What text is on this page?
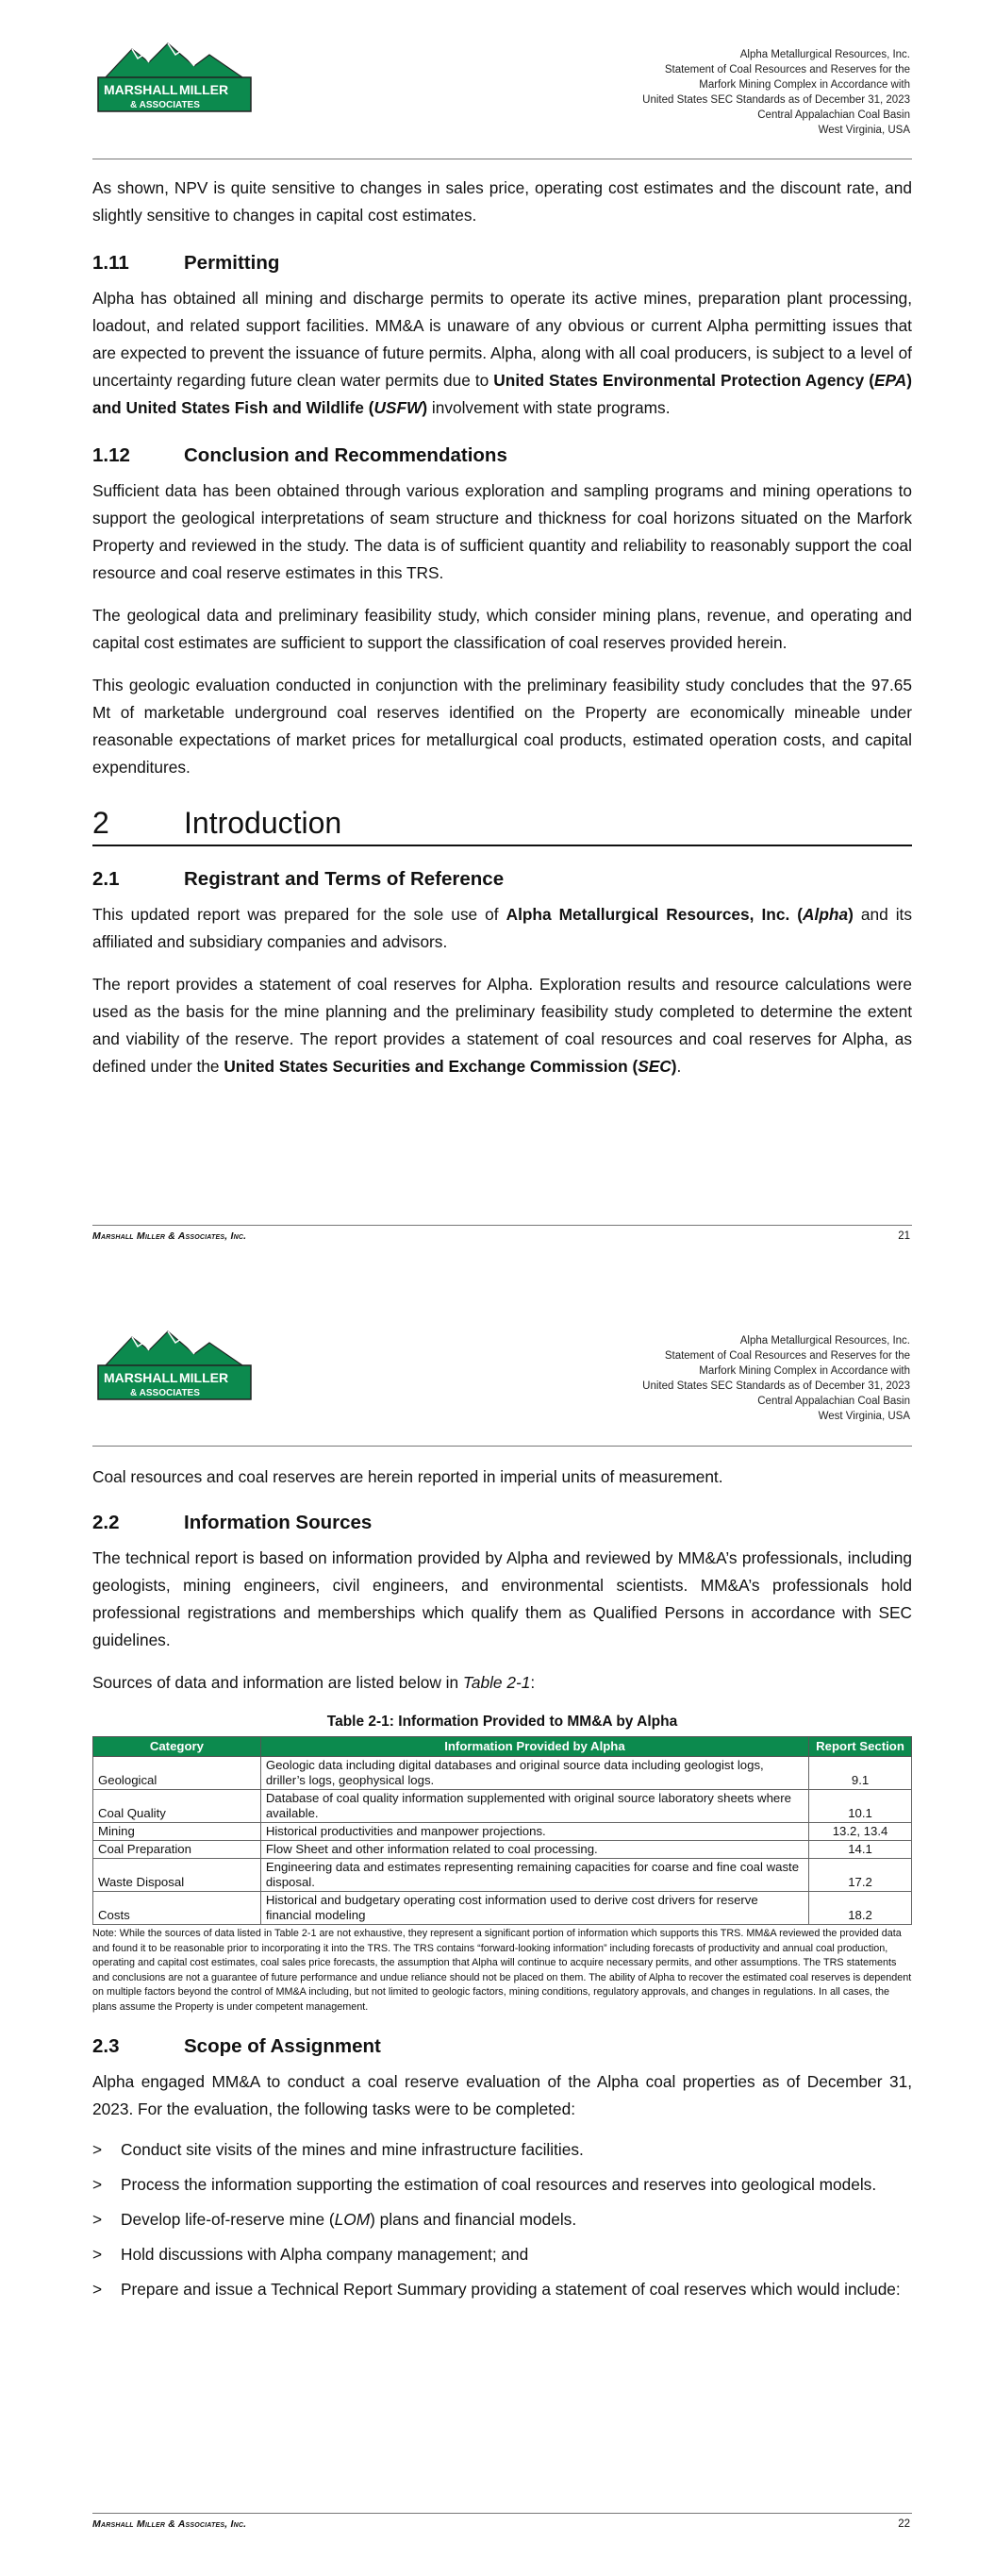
MARSHALL MILLER
& ASSOCIATES
Alpha Metallurgical Resources, Inc.
Statement of Coal Resources and Reserves for the
Marfork Mining Complex in Accordance with
United States SEC Standards as of December 31, 2023
Central Appalachian Coal Basin
West Virginia, USA

As shown, NPV is quite sensitive to changes in sales price, operating cost estimates and the discount rate, and slightly sensitive to changes in capital cost estimates.

1.11	Permitting

Alpha has obtained all mining and discharge permits to operate its active mines, preparation plant processing, loadout, and related support facilities. MM&A is unaware of any obvious or current Alpha permitting issues that are expected to prevent the issuance of future permits. Alpha, along with all coal producers, is subject to a level of uncertainty regarding future clean water permits due to United States Environmental Protection Agency (EPA) and United States Fish and Wildlife (USFW) involvement with state programs.

1.12	Conclusion and Recommendations

Sufficient data has been obtained through various exploration and sampling programs and mining operations to support the geological interpretations of seam structure and thickness for coal horizons situated on the Marfork Property and reviewed in the study. The data is of sufficient quantity and reliability to reasonably support the coal resource and coal reserve estimates in this TRS.

The geological data and preliminary feasibility study, which consider mining plans, revenue, and operating and capital cost estimates are sufficient to support the classification of coal reserves provided herein.

This geologic evaluation conducted in conjunction with the preliminary feasibility study concludes that the 97.65 Mt of marketable underground coal reserves identified on the Property are economically mineable under reasonable expectations of market prices for metallurgical coal products, estimated operation costs, and capital expenditures.

2 Introduction
2.1	Registrant and Terms of Reference

This updated report was prepared for the sole use of Alpha Metallurgical Resources, Inc. (Alpha) and its affiliated and subsidiary companies and advisors.

The report provides a statement of coal reserves for Alpha. Exploration results and resource calculations were used as the basis for the mine planning and the preliminary feasibility study completed to determine the extent and viability of the reserve. The report provides a statement of coal resources and coal reserves for Alpha, as defined under the United States Securities and Exchange Commission (SEC).

Marshall Miller & Associates, Inc.	21
MARSHALL MILLER
& ASSOCIATES
Alpha Metallurgical Resources, Inc.
Statement of Coal Resources and Reserves for the
Marfork Mining Complex in Accordance with
United States SEC Standards as of December 31, 2023
Central Appalachian Coal Basin
West Virginia, USA

Coal resources and coal reserves are herein reported in imperial units of measurement.

2.2	Information Sources

The technical report is based on information provided by Alpha and reviewed by MM&A’s professionals, including geologists, mining engineers, civil engineers, and environmental scientists. MM&A’s professionals hold professional registrations and memberships which qualify them as Qualified Persons in accordance with SEC guidelines.

Sources of data and information are listed below in Table 2-1:

Table 2-1: Information Provided to MM&A by Alpha
Category	Information Provided by Alpha	Report Section
Geological	Geologic data including digital databases and original source data including geologist logs, driller’s logs, geophysical logs.	9.1
Coal Quality	Database of coal quality information supplemented with original source laboratory sheets where available.	10.1
Mining	Historical productivities and manpower projections.	13.2, 13.4
Coal Preparation	Flow Sheet and other information related to coal processing.	14.1
Waste Disposal	Engineering data and estimates representing remaining capacities for coarse and fine coal waste disposal.	17.2
Costs	Historical and budgetary operating cost information used to derive cost drivers for reserve financial modeling	18.2
Note: While the sources of data listed in Table 2-1 are not exhaustive, they represent a significant portion of information which supports this TRS. MM&A reviewed the provided data and found it to be reasonable prior to incorporating it into the TRS. The TRS contains “forward-looking information” including forecasts of productivity and annual coal production, operating and capital cost estimates, coal sales price forecasts, the assumption that Alpha will continue to acquire necessary permits, and other assumptions. The TRS statements and conclusions are not a guarantee of future performance and undue reliance should not be placed on them. The ability of Alpha to recover the estimated coal reserves is dependent on multiple factors beyond the control of MM&A including, but not limited to geologic factors, mining conditions, regulatory approvals, and changes in regulations. In all cases, the plans assume the Property is under competent management.
2.3	Scope of Assignment

Alpha engaged MM&A to conduct a coal reserve evaluation of the Alpha coal properties as of December 31, 2023. For the evaluation, the following tasks were to be completed:

> Conduct site visits of the mines and mine infrastructure facilities.
> Process the information supporting the estimation of coal resources and reserves into geological models.
> Develop life-of-reserve mine (LOM) plans and financial models.
> Hold discussions with Alpha company management; and
> Prepare and issue a Technical Report Summary providing a statement of coal reserves which would include:
Marshall Miller & Associates, Inc.	22
